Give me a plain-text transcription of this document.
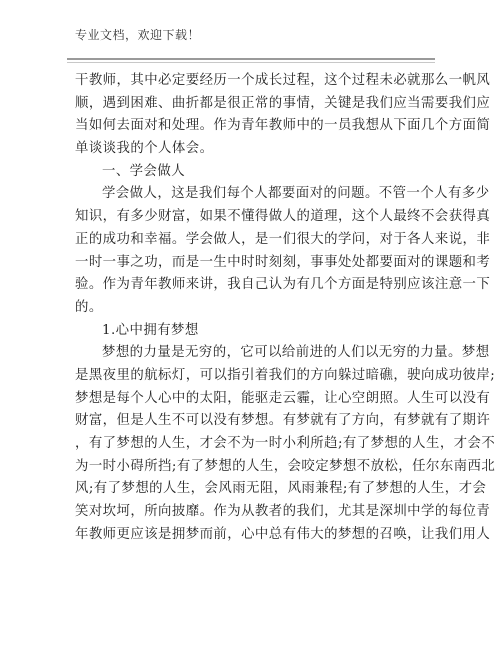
专业文档，欢迎下载！
干教师，其中必定要经历一个成长过程，这个过程未必就那么一帆风
顺，遇到困难、曲折都是很正常的事情，关键是我们应当需要我们应
当如何去面对和处理。作为青年教师中的一员我想从下面几个方面简
单谈谈我的个人体会。
一、学会做人
学会做人，这是我们每个人都要面对的问题。不管一个人有多少
知识，有多少财富，如果不懂得做人的道理，这个人最终不会获得真
正的成功和幸福。学会做人，是一们很大的学问，对于各人来说，非
一时一事之功，而是一生中时时刻刻，事事处处都要面对的课题和考
验。作为青年教师来讲，我自己认为有几个方面是特别应该注意一下
的。
1.心中拥有梦想
梦想的力量是无穷的，它可以给前进的人们以无穷的力量。梦想
是黑夜里的航标灯，可以指引着我们的方向躲过暗礁，驶向成功彼岸;
梦想是每个人心中的太阳，能驱走云霾，让心空朗照。人生可以没有
财富，但是人生不可以没有梦想。有梦就有了方向，有梦就有了期许
，有了梦想的人生，才会不为一时小利所趋;有了梦想的人生，才会不
为一时小碍所挡;有了梦想的人生，会咬定梦想不放松，任尔东南西北
风;有了梦想的人生，会风雨无阻，风雨兼程;有了梦想的人生，才会
笑对坎坷，所向披靡。作为从教者的我们，尤其是深圳中学的每位青
年教师更应该是拥梦而前，心中总有伟大的梦想的召唤，让我们用人
